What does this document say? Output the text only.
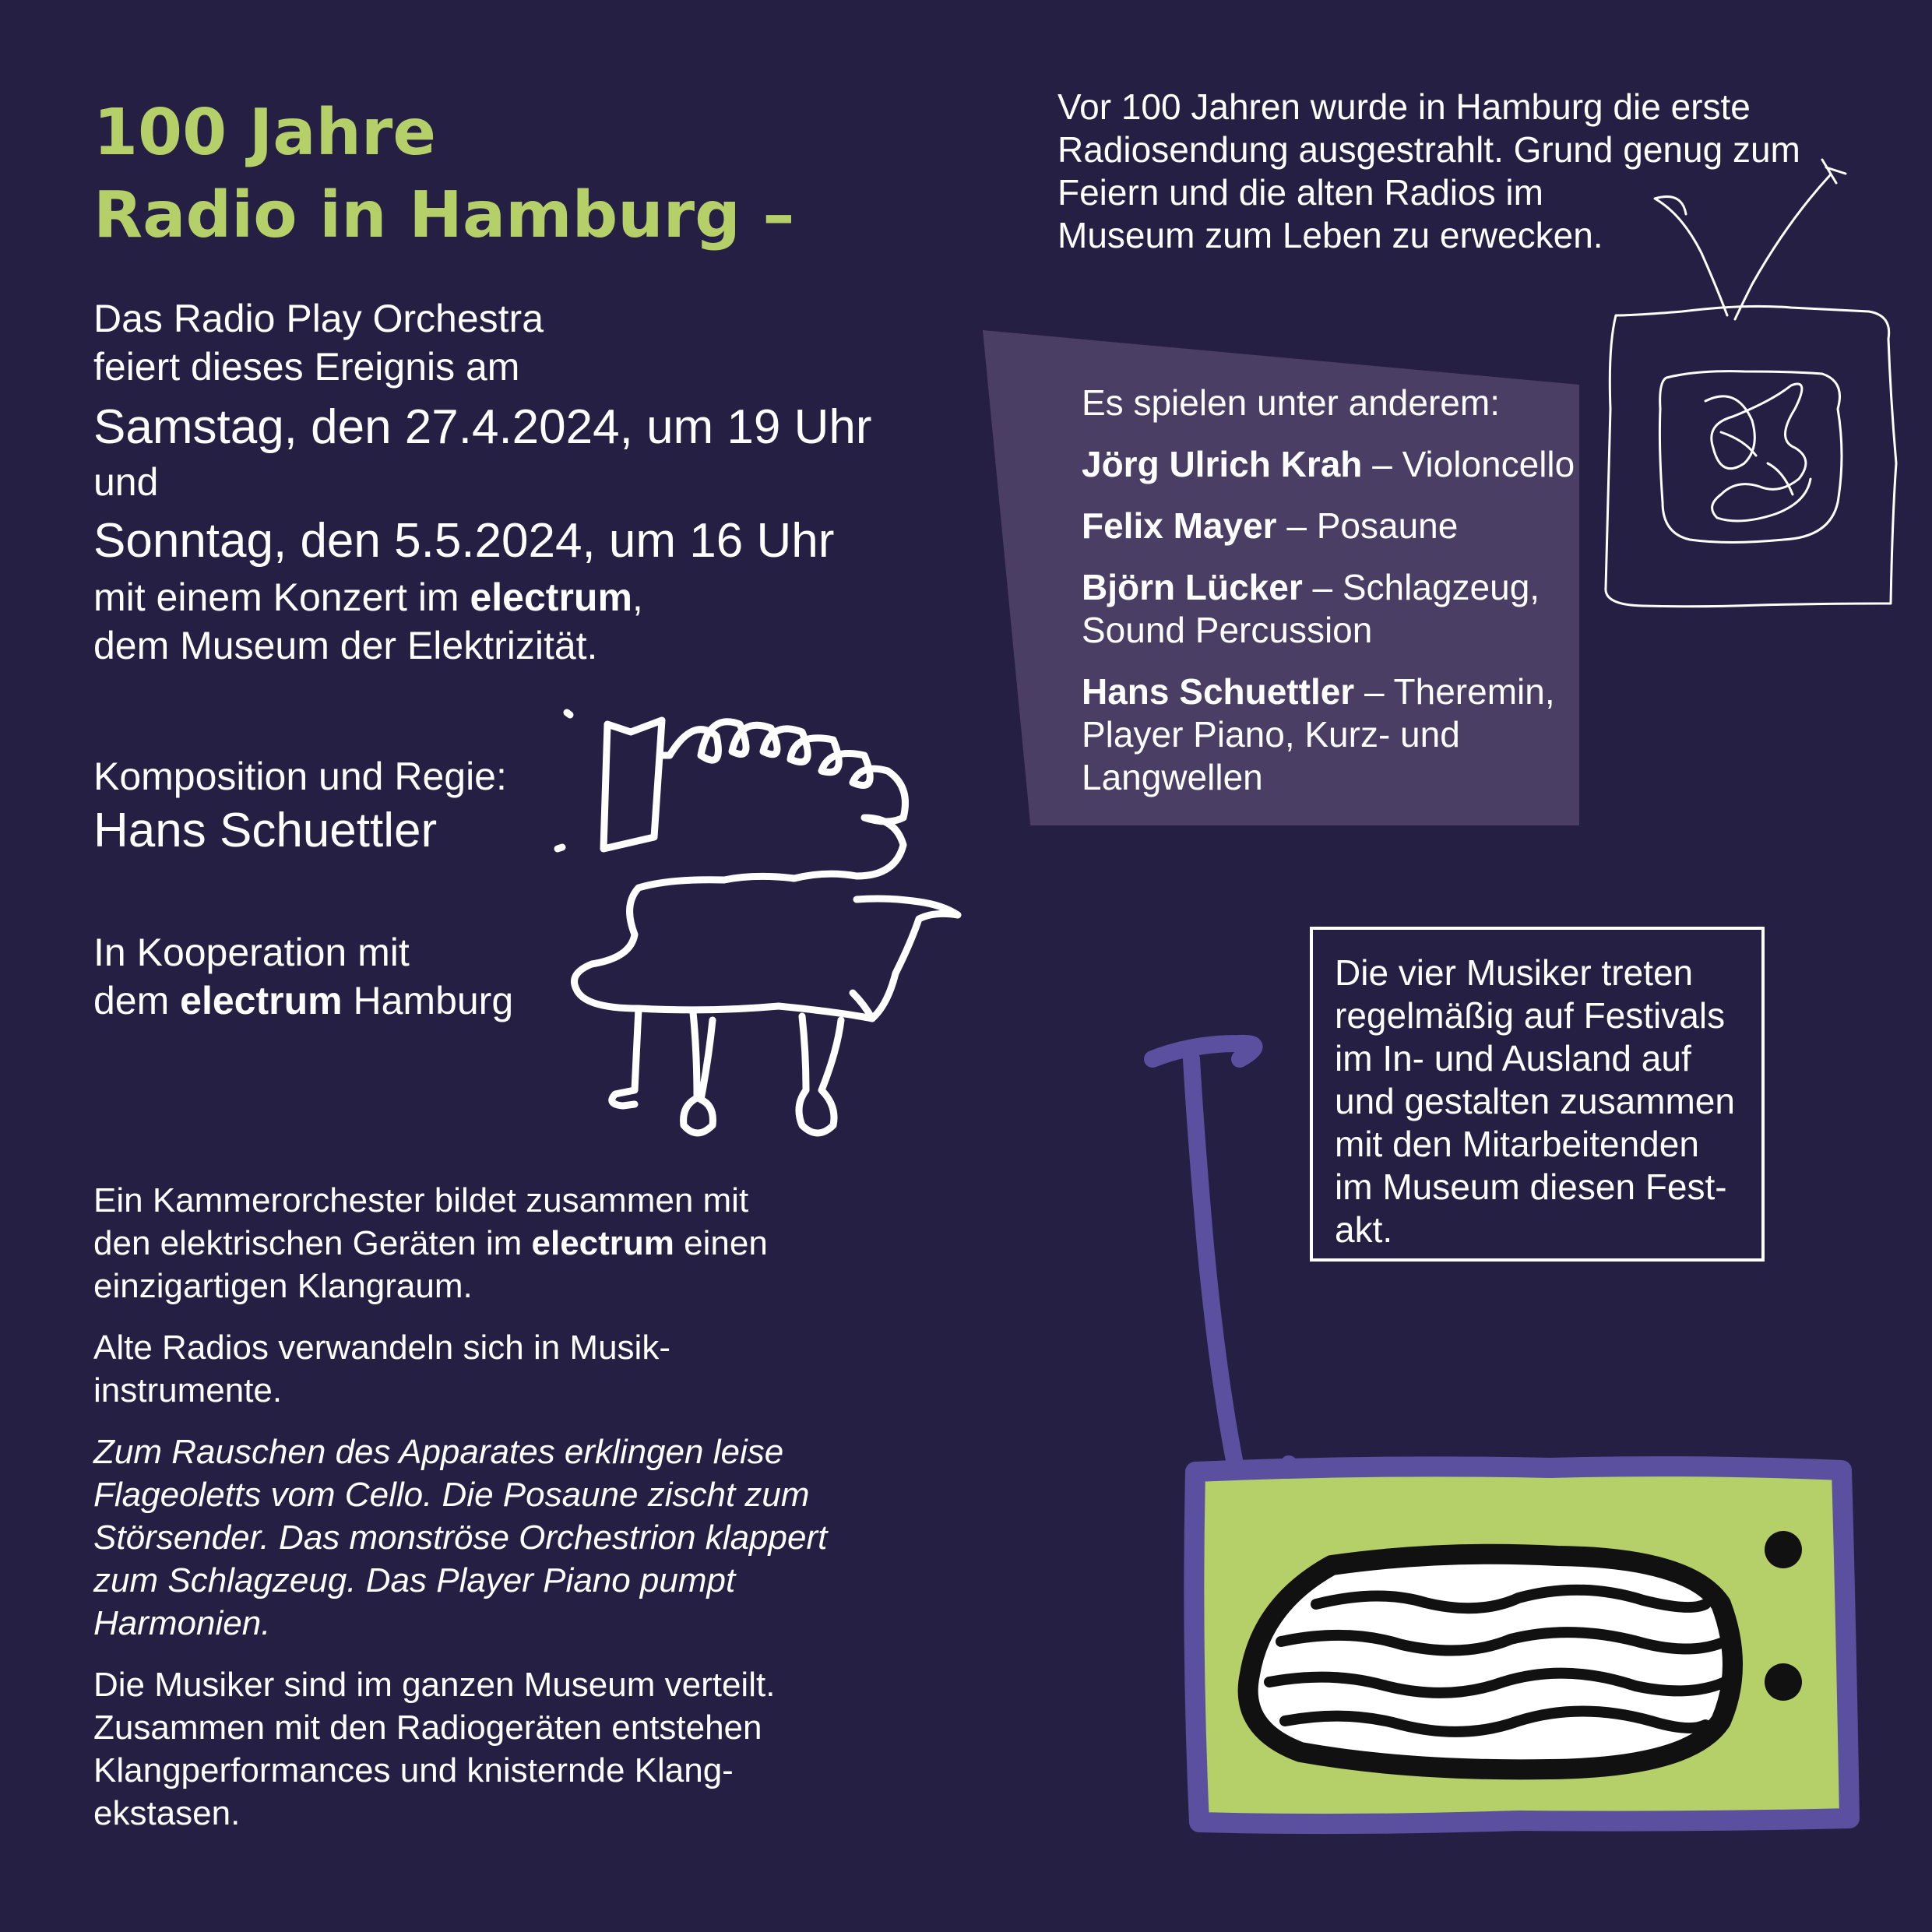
100 Jahre
Radio in Hamburg –
Das Radio Play Orchestra
feiert dieses Ereignis am
Samstag, den 27.4.2024, um 19 Uhr
und
Sonntag, den 5.5.2024, um 16 Uhr
mit einem Konzert im electrum,
dem Museum der Elektrizität.
Komposition und Regie:
Hans Schuettler
In Kooperation mit
dem electrum Hamburg
Vor 100 Jahren wurde in Hamburg die erste
Radiosendung ausgestrahlt. Grund genug zum
Feiern und die alten Radios im
Museum zum Leben zu erwecken.
Es spielen unter anderem:
Jörg Ulrich Krah – Violoncello
Felix Mayer – Posaune
Björn Lücker – Schlagzeug,
Sound Percussion
Hans Schuettler – Theremin,
Player Piano, Kurz- und
Langwellen
Die vier Musiker treten
regelmäßig auf Festivals
im In- und Ausland auf
und gestalten zusammen
mit den Mitarbeitenden
im Museum diesen Fest-
akt.

Ein Kammerorchester bildet zusammen mit
den elektrischen Geräten im electrum einen
einzigartigen Klangraum.

Alte Radios verwandeln sich in Musik-
instrumente.

Zum Rauschen des Apparates erklingen leise
Flageoletts vom Cello. Die Posaune zischt zum
Störsender. Das monströse Orchestrion klappert
zum Schlagzeug. Das Player Piano pumpt
Harmonien.

Die Musiker sind im ganzen Museum verteilt.
Zusammen mit den Radiogeräten entstehen
Klangperformances und knisternde Klang-
ekstasen.
